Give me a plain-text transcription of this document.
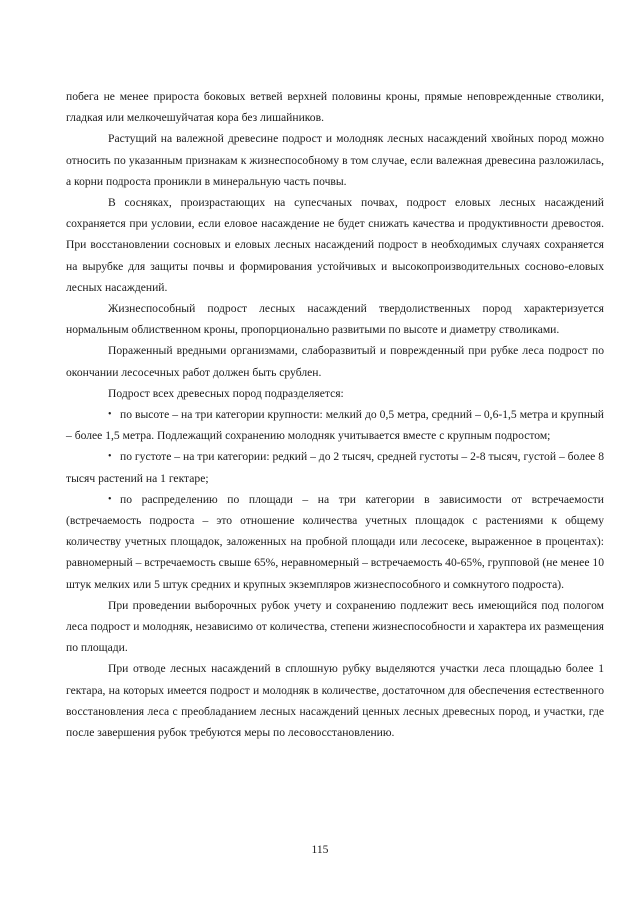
побега не менее прироста боковых ветвей верхней половины кроны, прямые неповрежденные стволики, гладкая или мелкочешуйчатая кора без лишайников.

Растущий на валежной древесине подрост и молодняк лесных насаждений хвойных пород можно относить по указанным признакам к жизнеспособному в том случае, если валежная древесина разложилась, а корни подроста проникли в минеральную часть почвы.

В сосняках, произрастающих на супесчаных почвах, подрост еловых лесных насаждений сохраняется при условии, если еловое насаждение не будет снижать качества и продуктивности древостоя. При восстановлении сосновых и еловых лесных насаждений подрост в необходимых случаях сохраняется на вырубке для защиты почвы и формирования устойчивых и высокопроизводительных сосново-еловых лесных насаждений.

Жизнеспособный подрост лесных насаждений твердолиственных пород характеризуется нормальным облиственном кроны, пропорционально развитыми по высоте и диаметру стволиками.

Пораженный вредными организмами, слаборазвитый и поврежденный при рубке леса подрост по окончании лесосечных работ должен быть срублен.

Подрост всех древесных пород подразделяется:

• по высоте – на три категории крупности: мелкий до 0,5 метра, средний – 0,6-1,5 метра и крупный – более 1,5 метра. Подлежащий сохранению молодняк учитывается вместе с крупным подростом;

• по густоте – на три категории: редкий – до 2 тысяч, средней густоты – 2-8 тысяч, густой – более 8 тысяч растений на 1 гектаре;

• по распределению по площади – на три категории в зависимости от встречаемости (встречаемость подроста – это отношение количества учетных площадок с растениями к общему количеству учетных площадок, заложенных на пробной площади или лесосеке, выраженное в процентах): равномерный – встречаемость свыше 65%, неравномерный – встречаемость 40-65%, групповой (не менее 10 штук мелких или 5 штук средних и крупных экземпляров жизнеспособного и сомкнутого подроста).

При проведении выборочных рубок учету и сохранению подлежит весь имеющийся под пологом леса подрост и молодняк, независимо от количества, степени жизнеспособности и характера их размещения по площади.

При отводе лесных насаждений в сплошную рубку выделяются участки леса площадью более 1 гектара, на которых имеется подрост и молодняк в количестве, достаточном для обеспечения естественного восстановления леса с преобладанием лесных насаждений ценных лесных древесных пород, и участки, где после завершения рубок требуются меры по лесовосстановлению.

115
